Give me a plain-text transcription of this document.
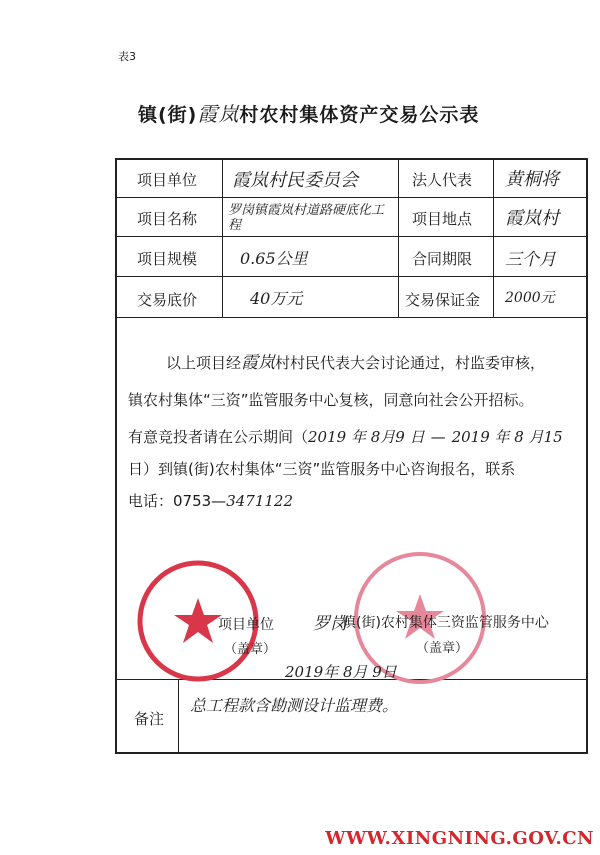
表3
镇(街)霞岚村农村集体资产交易公示表
项目单位 霞岚村民委员会	法人代表 黄桐将
项目名称 罗岗镇霞岚村道路硬底化工程	项目地点 霞岚村
项目规模	0.65公里	合同期限 三个月
交易底价	40万元	交易保证金 2000元
以上项目经霞岚村村民代表大会讨论通过，村监委审核，
镇农村集体“三资”监管服务中心复核，同意向社会公开招标。
有意竞投者请在公示期间（2019 年 8月9 日 — 2019 年 8 月15
日）到镇(街)农村集体“三资”监管服务中心咨询报名，联系
电话：0753—3471122
项目单位
（盖章）
罗岗
镇(街)农村集体三资监管服务中心
（盖章）
2019年 8月 9日
备注
总工程款含勘测设计监理费。
WWW.XINGNING.GOV.CN
